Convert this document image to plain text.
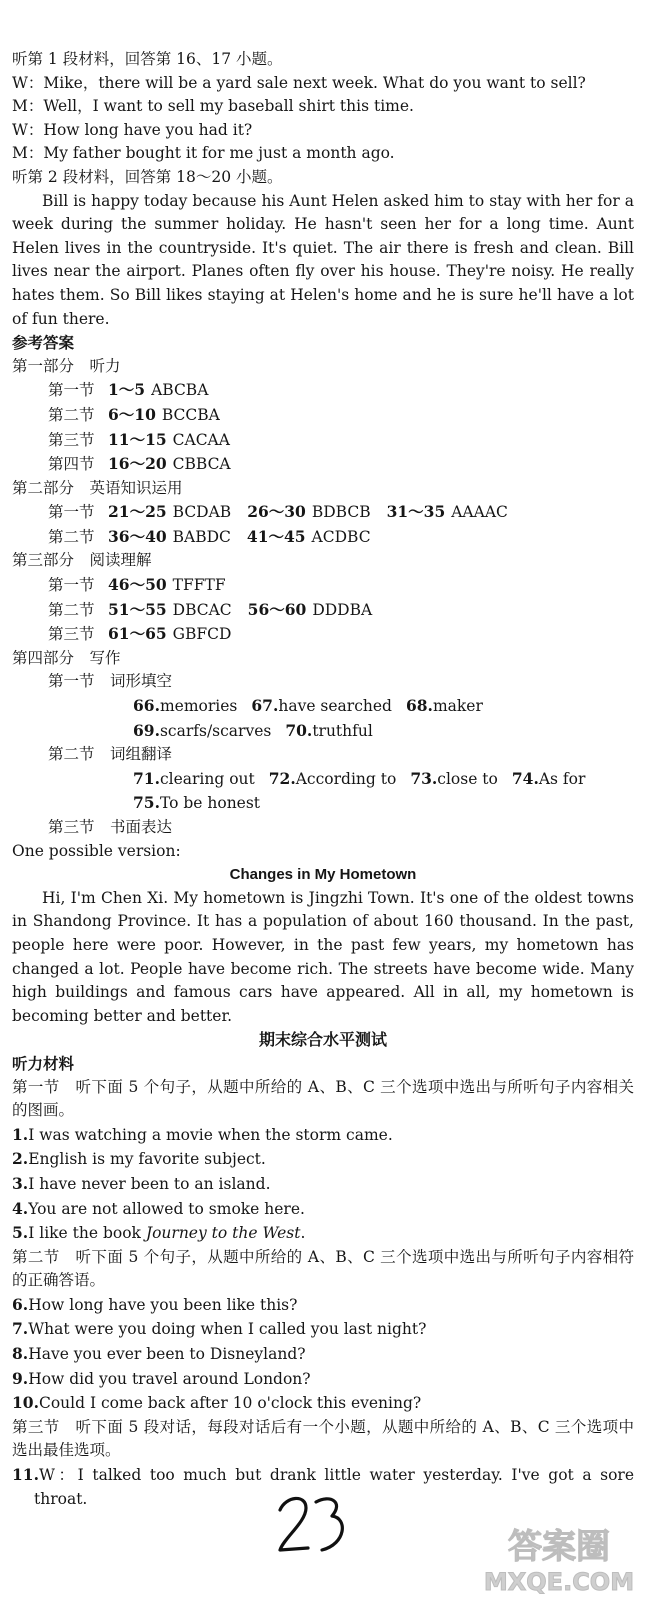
听第 1 段材料，回答第 16、17 小题。
W：Mike，there will be a yard sale next week. What do you want to sell?
M：Well，I want to sell my baseball shirt this time.
W：How long have you had it?
M：My father bought it for me just a month ago.
听第 2 段材料，回答第 18～20 小题。
Bill is happy today because his Aunt Helen asked him to stay with her for a week during the summer holiday. He hasn't seen her for a long time. Aunt Helen lives in the countryside. It's quiet. The air there is fresh and clean. Bill lives near the airport. Planes often fly over his house. They're noisy. He really hates them. So Bill likes staying at Helen's home and he is sure he'll have a lot of fun there.
参考答案
第一部分　听力
第一节 1～5 ABCBA
第二节 6～10 BCCBA
第三节 11～15 CACAA
第四节 16～20 CBBCA
第二部分　英语知识运用
第一节 21～25 BCDAB 26～30 BDBCB 31～35 AAAAC
第二节 36～40 BABDC 41～45 ACDBC
第三部分　阅读理解
第一节 46～50 TFFTF
第二节 51～55 DBCAC 56～60 DDDBA
第三节 61～65 GBFCD
第四部分　写作
第一节　词形填空
66.memories 67.have searched 68.maker
69.scarfs/scarves 70.truthful
第二节　词组翻译
71.clearing out 72.According to 73.close to 74.As for
75.To be honest
第三节　书面表达
One possible version:
Changes in My Hometown
Hi, I'm Chen Xi. My hometown is Jingzhi Town. It's one of the oldest towns in Shandong Province. It has a population of about 160 thousand. In the past, people here were poor. However, in the past few years, my hometown has changed a lot. People have become rich. The streets have become wide. Many high buildings and famous cars have appeared. All in all, my hometown is becoming better and better.
期末综合水平测试
听力材料
第一节　听下面 5 个句子，从题中所给的 A、B、C 三个选项中选出与所听句子内容相关的图画。
1.I was watching a movie when the storm came.
2.English is my favorite subject.
3.I have never been to an island.
4.You are not allowed to smoke here.
5.I like the book Journey to the West.
第二节　听下面 5 个句子，从题中所给的 A、B、C 三个选项中选出与所听句子内容相符的正确答语。
6.How long have you been like this?
7.What were you doing when I called you last night?
8.Have you ever been to Disneyland?
9.How did you travel around London?
10.Could I come back after 10 o'clock this evening?
第三节　听下面 5 段对话，每段对话后有一个小题，从题中所给的 A、B、C 三个选项中选出最佳选项。
11.W：I talked too much but drank little water yesterday. I've got a sore throat.
答案圈
MXQE.COM
